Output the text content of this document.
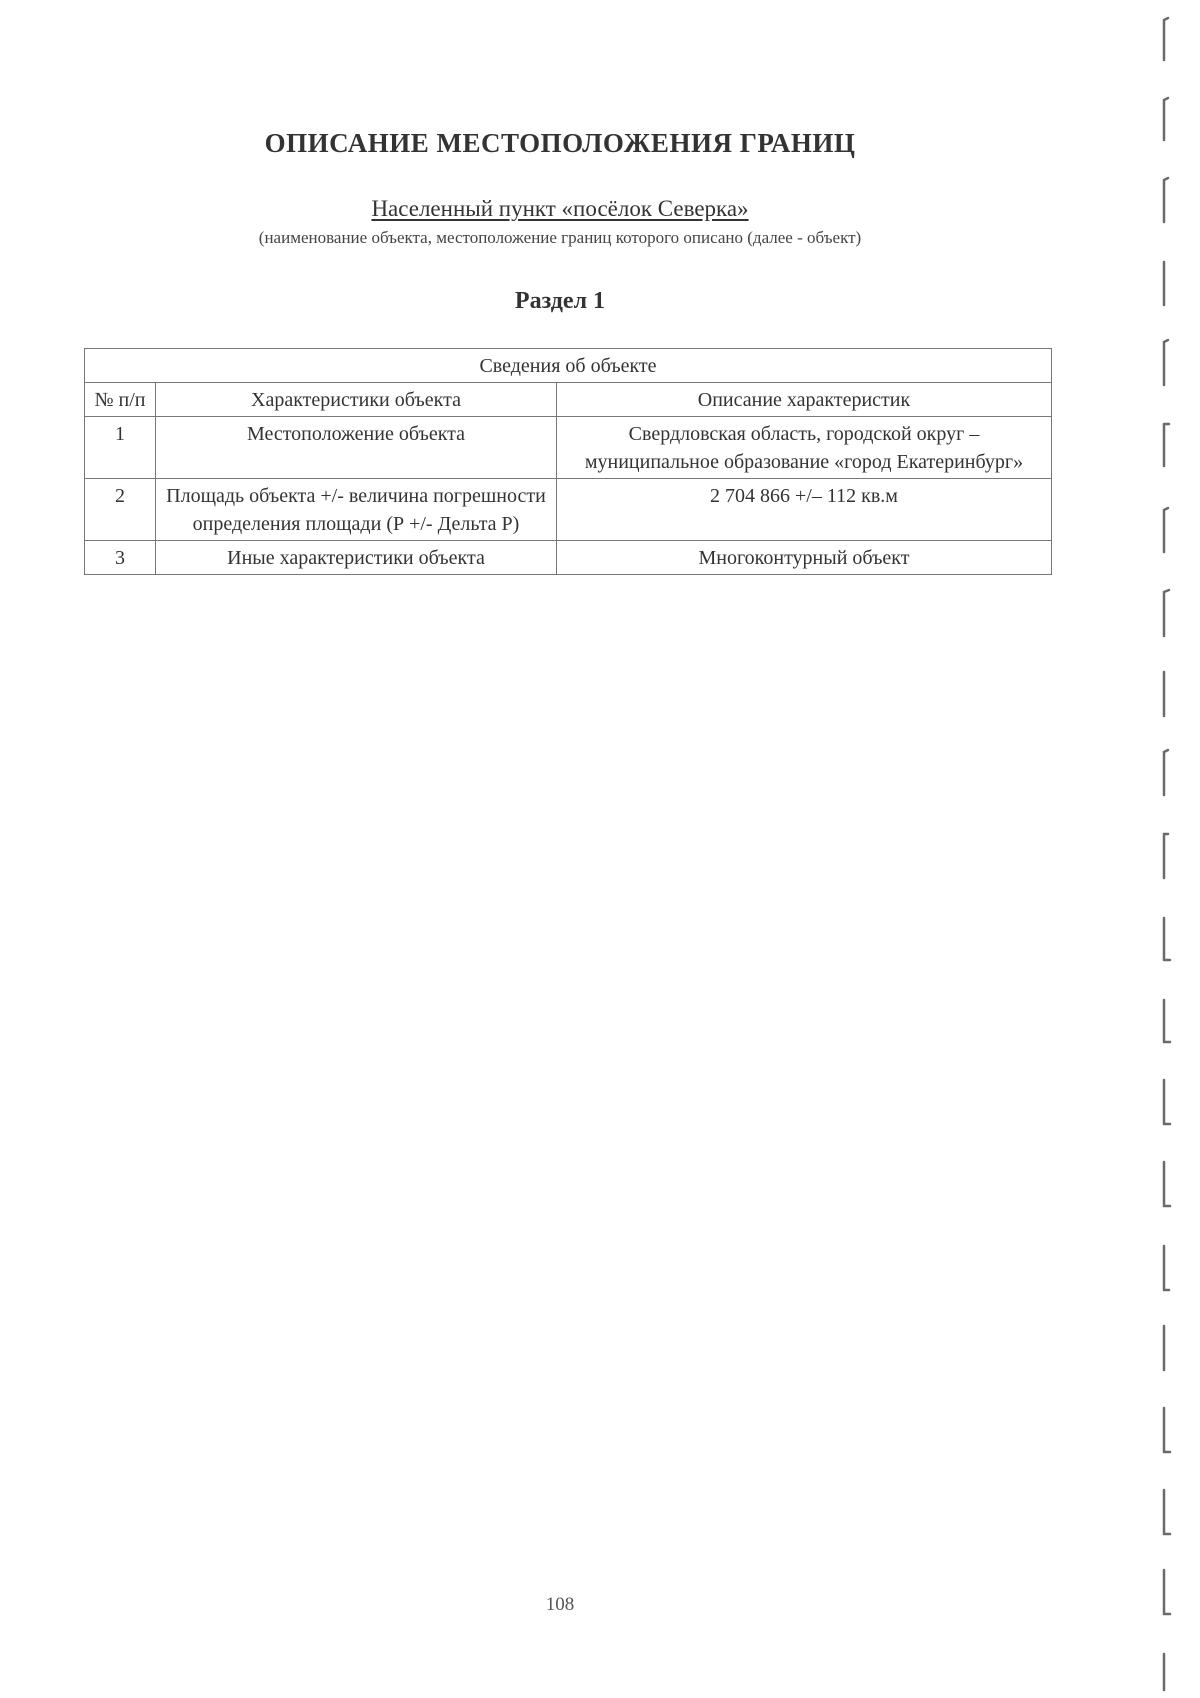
ОПИСАНИЕ МЕСТОПОЛОЖЕНИЯ ГРАНИЦ
Населенный пункт «посёлок Северка»
(наименование объекта, местоположение границ которого описано (далее - объект)
Раздел 1
Сведения об объекте		
№ п/п	Характеристики объекта	Описание характеристик
1	Местоположение объекта	Свердловская область, городской округ – муниципальное образование «город Екатеринбург»
2	Площадь объекта +/- величина погрешности определения площади (Р +/- Дельта Р)	2 704 866 +/– 112 кв.м
3	Иные характеристики объекта	Многоконтурный объект
108
